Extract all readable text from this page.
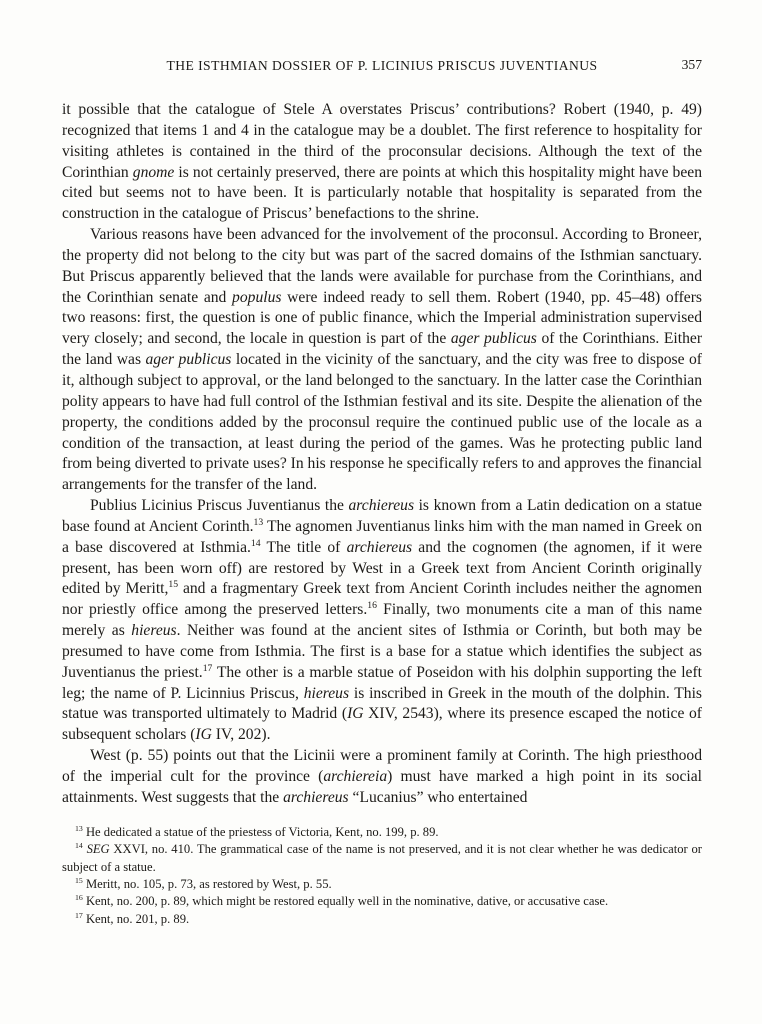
THE ISTHMIAN DOSSIER OF P. LICINIUS PRISCUS JUVENTIANUS	357

it possible that the catalogue of Stele A overstates Priscus’ contributions? Robert (1940, p. 49) recognized that items 1 and 4 in the catalogue may be a doublet. The first reference to hospitality for visiting athletes is contained in the third of the proconsular decisions. Although the text of the Corinthian gnome is not certainly preserved, there are points at which this hospitality might have been cited but seems not to have been. It is particularly notable that hospitality is separated from the construction in the catalogue of Priscus’ benefactions to the shrine.

Various reasons have been advanced for the involvement of the proconsul. According to Broneer, the property did not belong to the city but was part of the sacred domains of the Isthmian sanctuary. But Priscus apparently believed that the lands were available for purchase from the Corinthians, and the Corinthian senate and populus were indeed ready to sell them. Robert (1940, pp. 45–48) offers two reasons: first, the question is one of public finance, which the Imperial administration supervised very closely; and second, the locale in question is part of the ager publicus of the Corinthians. Either the land was ager publicus located in the vicinity of the sanctuary, and the city was free to dispose of it, although subject to approval, or the land belonged to the sanctuary. In the latter case the Corinthian polity appears to have had full control of the Isthmian festival and its site. Despite the alienation of the property, the conditions added by the proconsul require the continued public use of the locale as a condition of the transaction, at least during the period of the games. Was he protecting public land from being diverted to private uses? In his response he specifically refers to and approves the financial arrangements for the transfer of the land.

Publius Licinius Priscus Juventianus the archiereus is known from a Latin dedication on a statue base found at Ancient Corinth.$^{13}$ The agnomen Juventianus links him with the man named in Greek on a base discovered at Isthmia.$^{14}$ The title of archiereus and the cognomen (the agnomen, if it were present, has been worn off) are restored by West in a Greek text from Ancient Corinth originally edited by Meritt,$^{15}$ and a fragmentary Greek text from Ancient Corinth includes neither the agnomen nor priestly office among the preserved letters.$^{16}$ Finally, two monuments cite a man of this name merely as hiereus. Neither was found at the ancient sites of Isthmia or Corinth, but both may be presumed to have come from Isthmia. The first is a base for a statue which identifies the subject as Juventianus the priest.$^{17}$ The other is a marble statue of Poseidon with his dolphin supporting the left leg; the name of P. Licinnius Priscus, hiereus is inscribed in Greek in the mouth of the dolphin. This statue was transported ultimately to Madrid (IG XIV, 2543), where its presence escaped the notice of subsequent scholars (IG IV, 202).

West (p. 55) points out that the Licinii were a prominent family at Corinth. The high priesthood of the imperial cult for the province (archiereia) must have marked a high point in its social attainments. West suggests that the archiereus “Lucanius” who entertained

$^{13}$ He dedicated a statue of the priestess of Victoria, Kent, no. 199, p. 89.

$^{14}$ SEG XXVI, no. 410. The grammatical case of the name is not preserved, and it is not clear whether he was dedicator or subject of a statue.

$^{15}$ Meritt, no. 105, p. 73, as restored by West, p. 55.

$^{16}$ Kent, no. 200, p. 89, which might be restored equally well in the nominative, dative, or accusative case.

$^{17}$ Kent, no. 201, p. 89.
